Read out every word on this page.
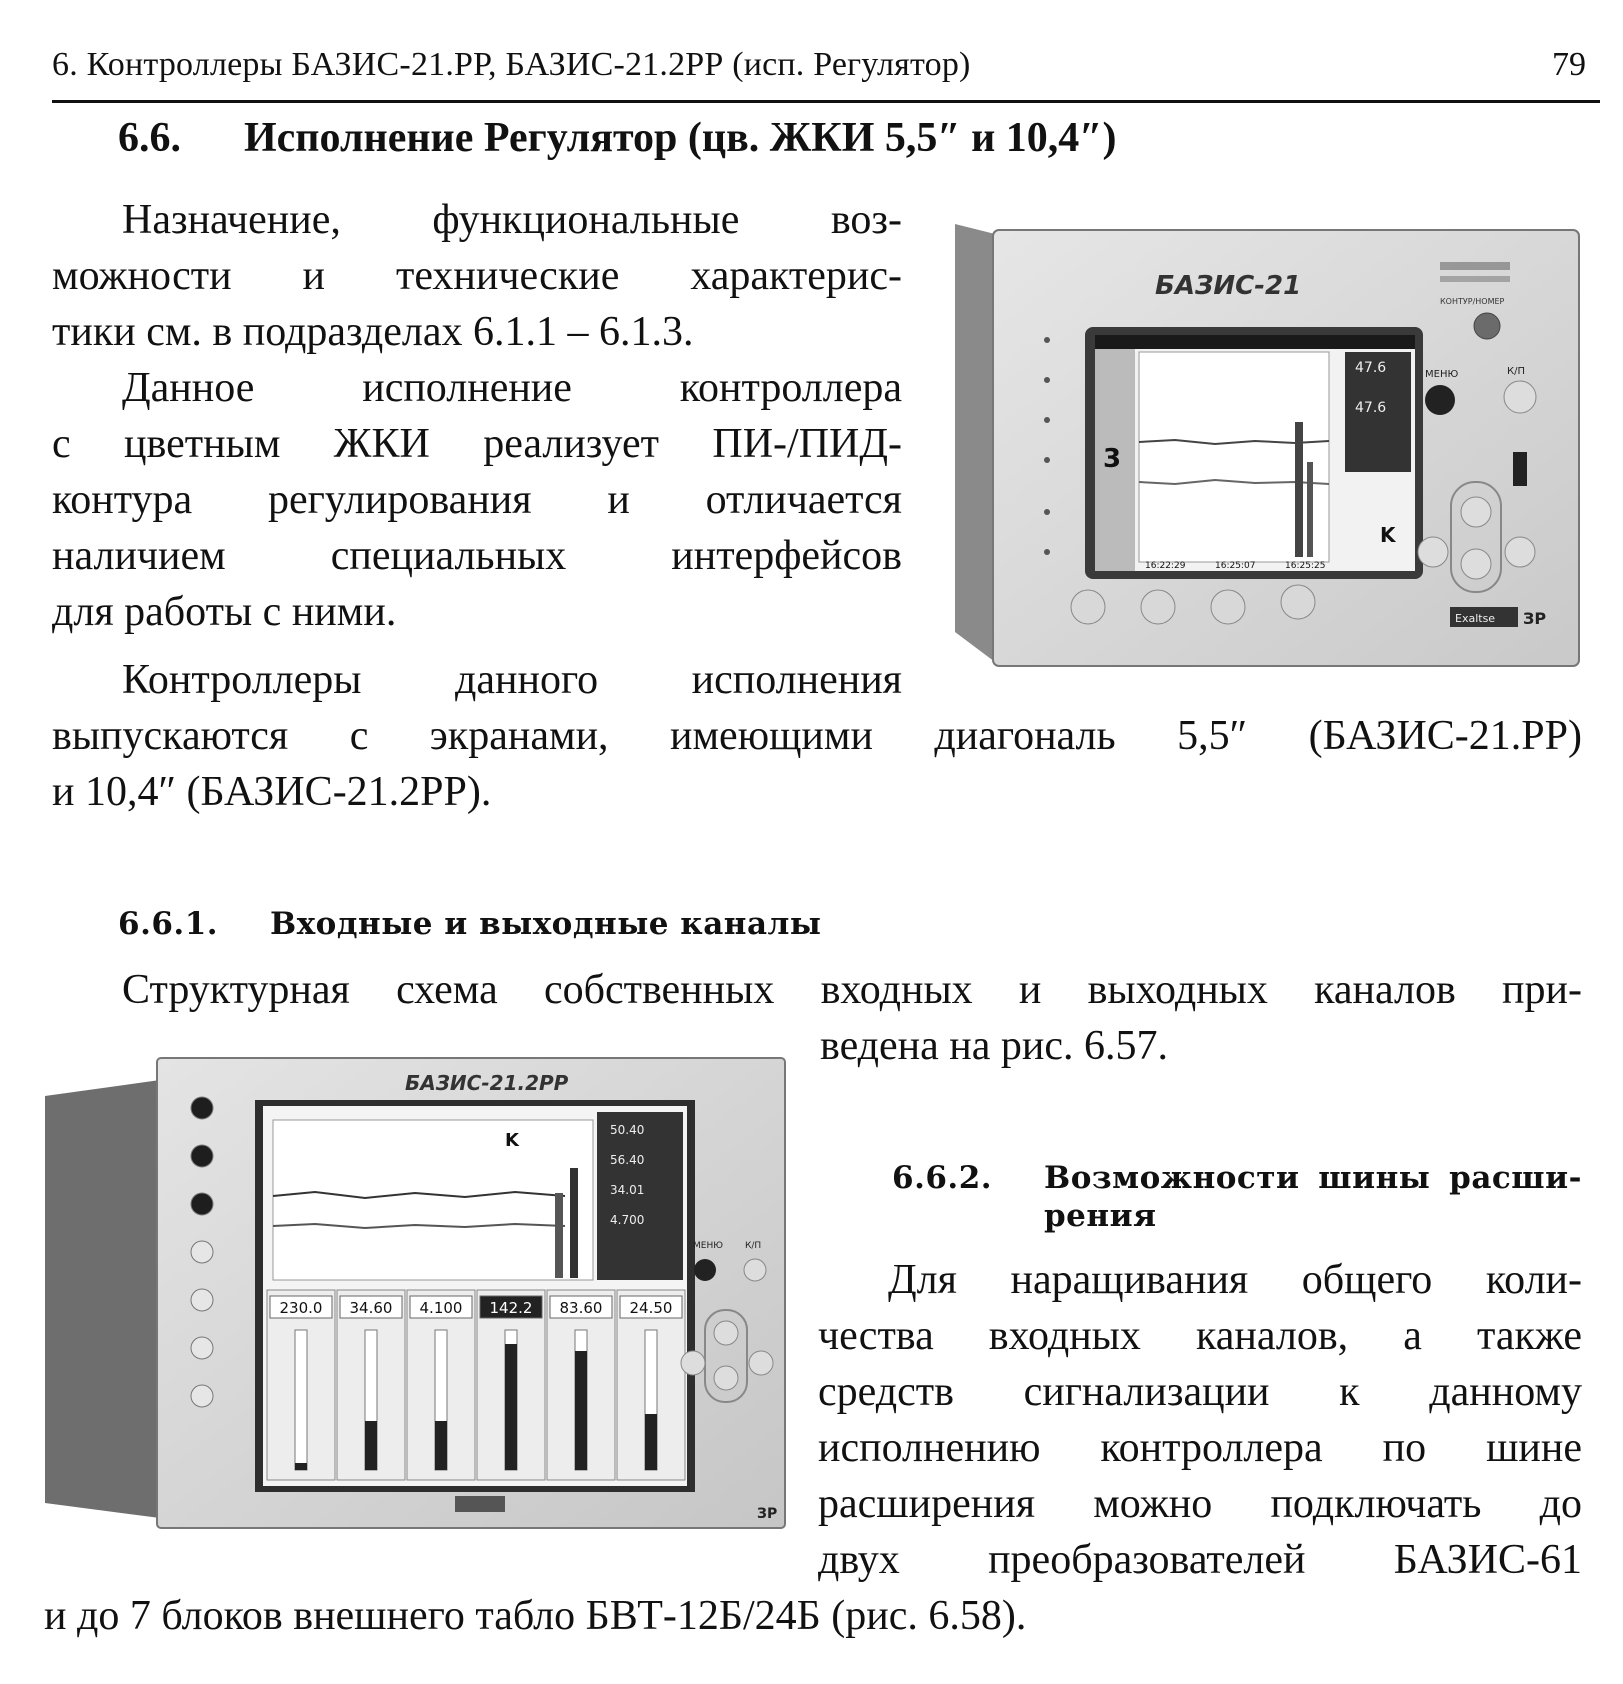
6. Контроллеры БАЗИС-21.РР, БАЗИС-21.2РР (исп. Регулятор)	79
6.6. Исполнение Регулятор (цв. ЖКИ 5,5″ и 10,4″)
Назначение, функциональные воз-
можности и технические характерис-
тики см. в подразделах 6.1.1 – 6.1.3.
Данное исполнение контроллера
с цветным ЖКИ реализует ПИ-/ПИД-
контура регулирования и отличается
наличием специальных интерфейсов
для работы с ними.
Контроллеры данного исполнения
выпускаются с экранами, имеющими диагональ 5,5″ (БАЗИС-21.РР)
и 10,4″ (БАЗИС-21.2РР).
БАЗИС-21
КОНТУР/НОМЕР
3
47.6
47.6
K
16:22:29	16:25:07	16:25:25
МЕНЮ	К/П
Exaltse ЗР
6.6.1. Входные и выходные каналы
Структурная схема собственных входных и выходных каналов при-
ведена на рис. 6.57.
БАЗИС-21.2РР
K	50.40
56.40
34.01
4.700
230.0 34.60 4.100 142.2 83.60 24.50
МЕНЮ К/П
ЗР
6.6.2. Возможности шины расши-
рения
Для наращивания общего коли-
чества входных каналов, а также
средств сигнализации к данному
исполнению контроллера по шине
расширения можно подключать до
двух преобразователей БАЗИС-61
и до 7 блоков внешнего табло БВТ-12Б/24Б (рис. 6.58).
